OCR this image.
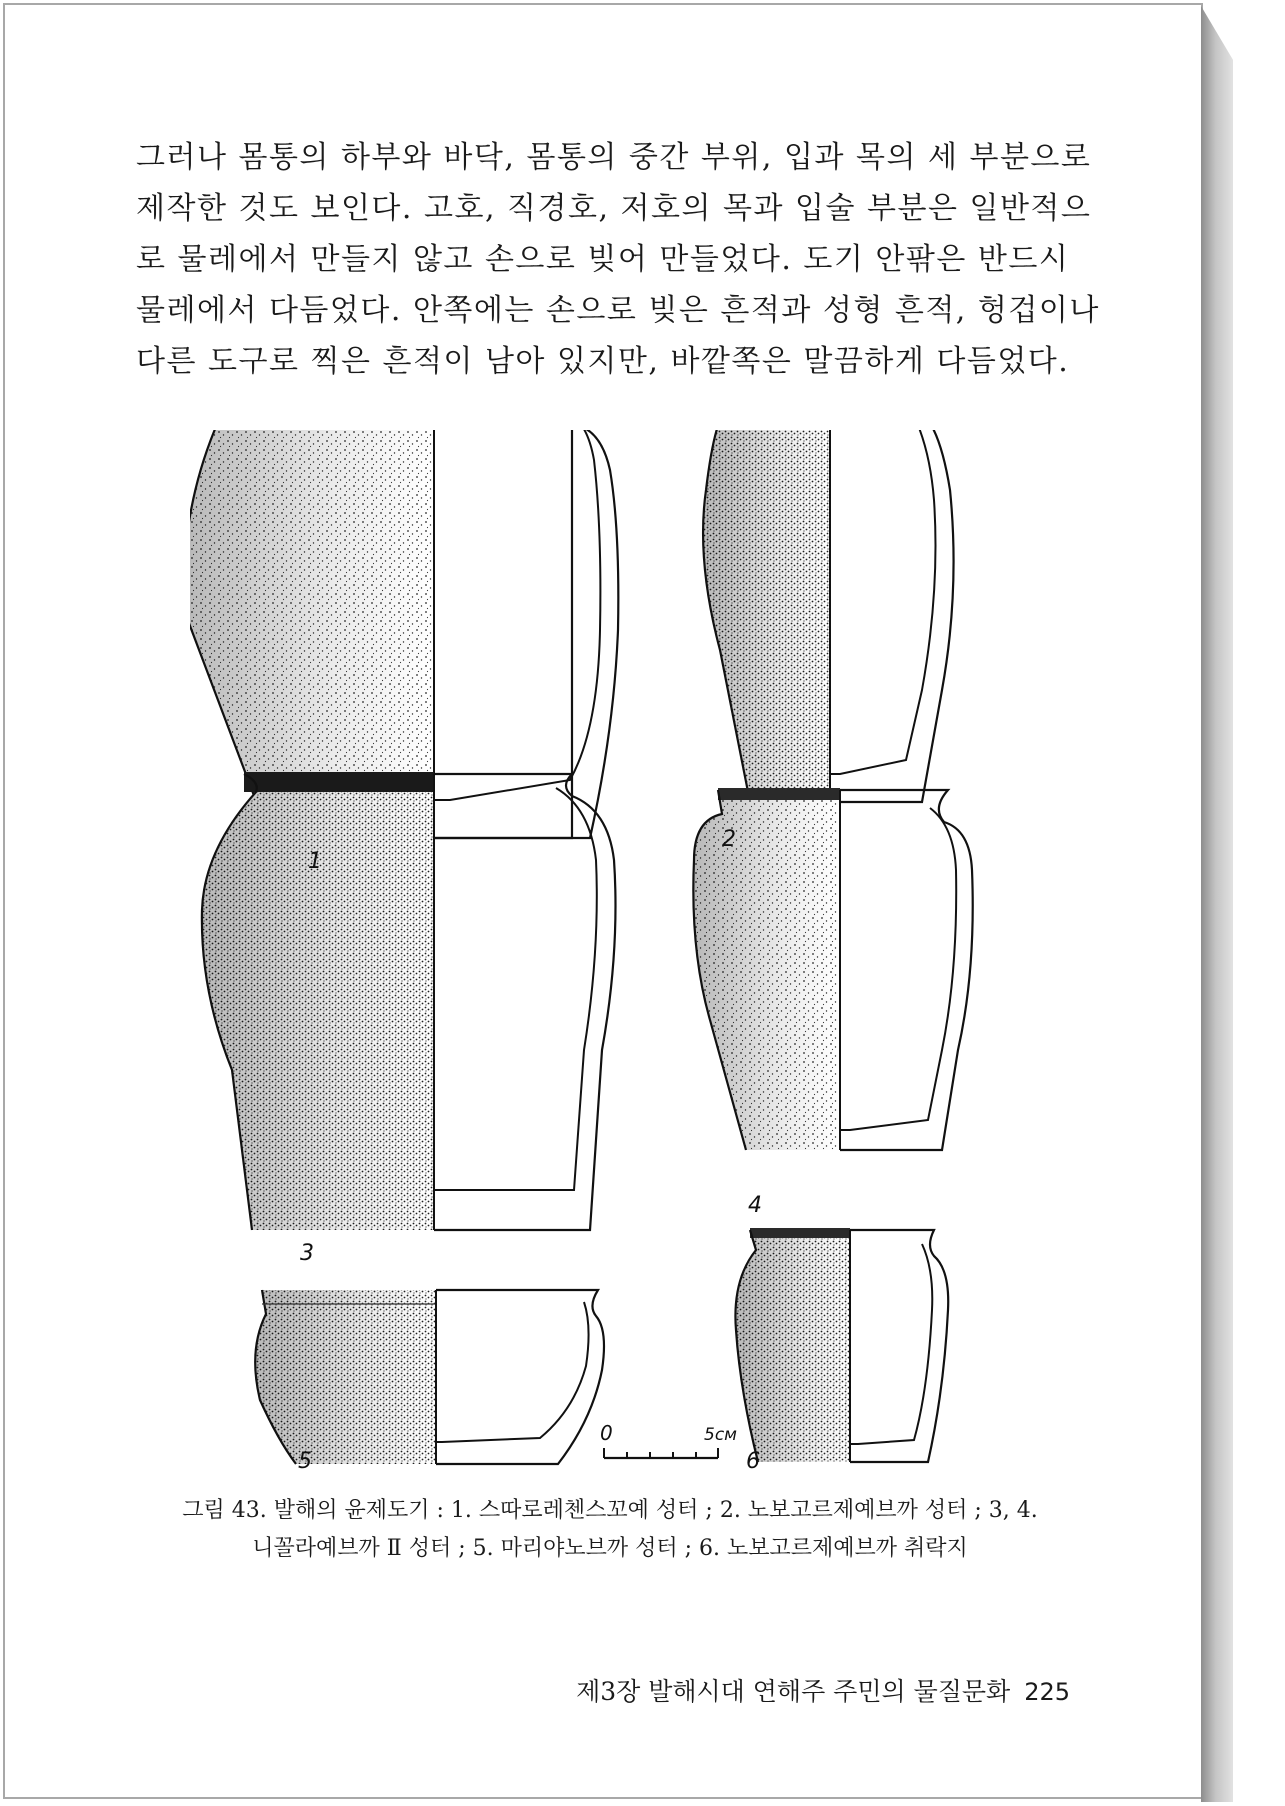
그러나 몸통의 하부와 바닥, 몸통의 중간 부위, 입과 목의 세 부분으로
제작한 것도 보인다. 고호, 직경호, 저호의 목과 입술 부분은 일반적으
로 물레에서 만들지 않고 손으로 빚어 만들었다. 도기 안팎은 반드시
물레에서 다듬었다. 안쪽에는 손으로 빚은 흔적과 성형 흔적, 헝겁이나
다른 도구로 찍은 흔적이 남아 있지만, 바깥쪽은 말끔하게 다듬었다.
0	5см
1
2
3
4
5	6
그림 43. 발해의 윤제도기 : 1. 스따로레첸스꼬예 성터 ; 2. 노보고르제예브까 성터 ; 3, 4.
니꼴라예브까 Ⅱ 성터 ; 5. 마리야노브까 성터 ; 6. 노보고르제예브까 취락지
제3장 발해시대 연해주 주민의 물질문화 225
